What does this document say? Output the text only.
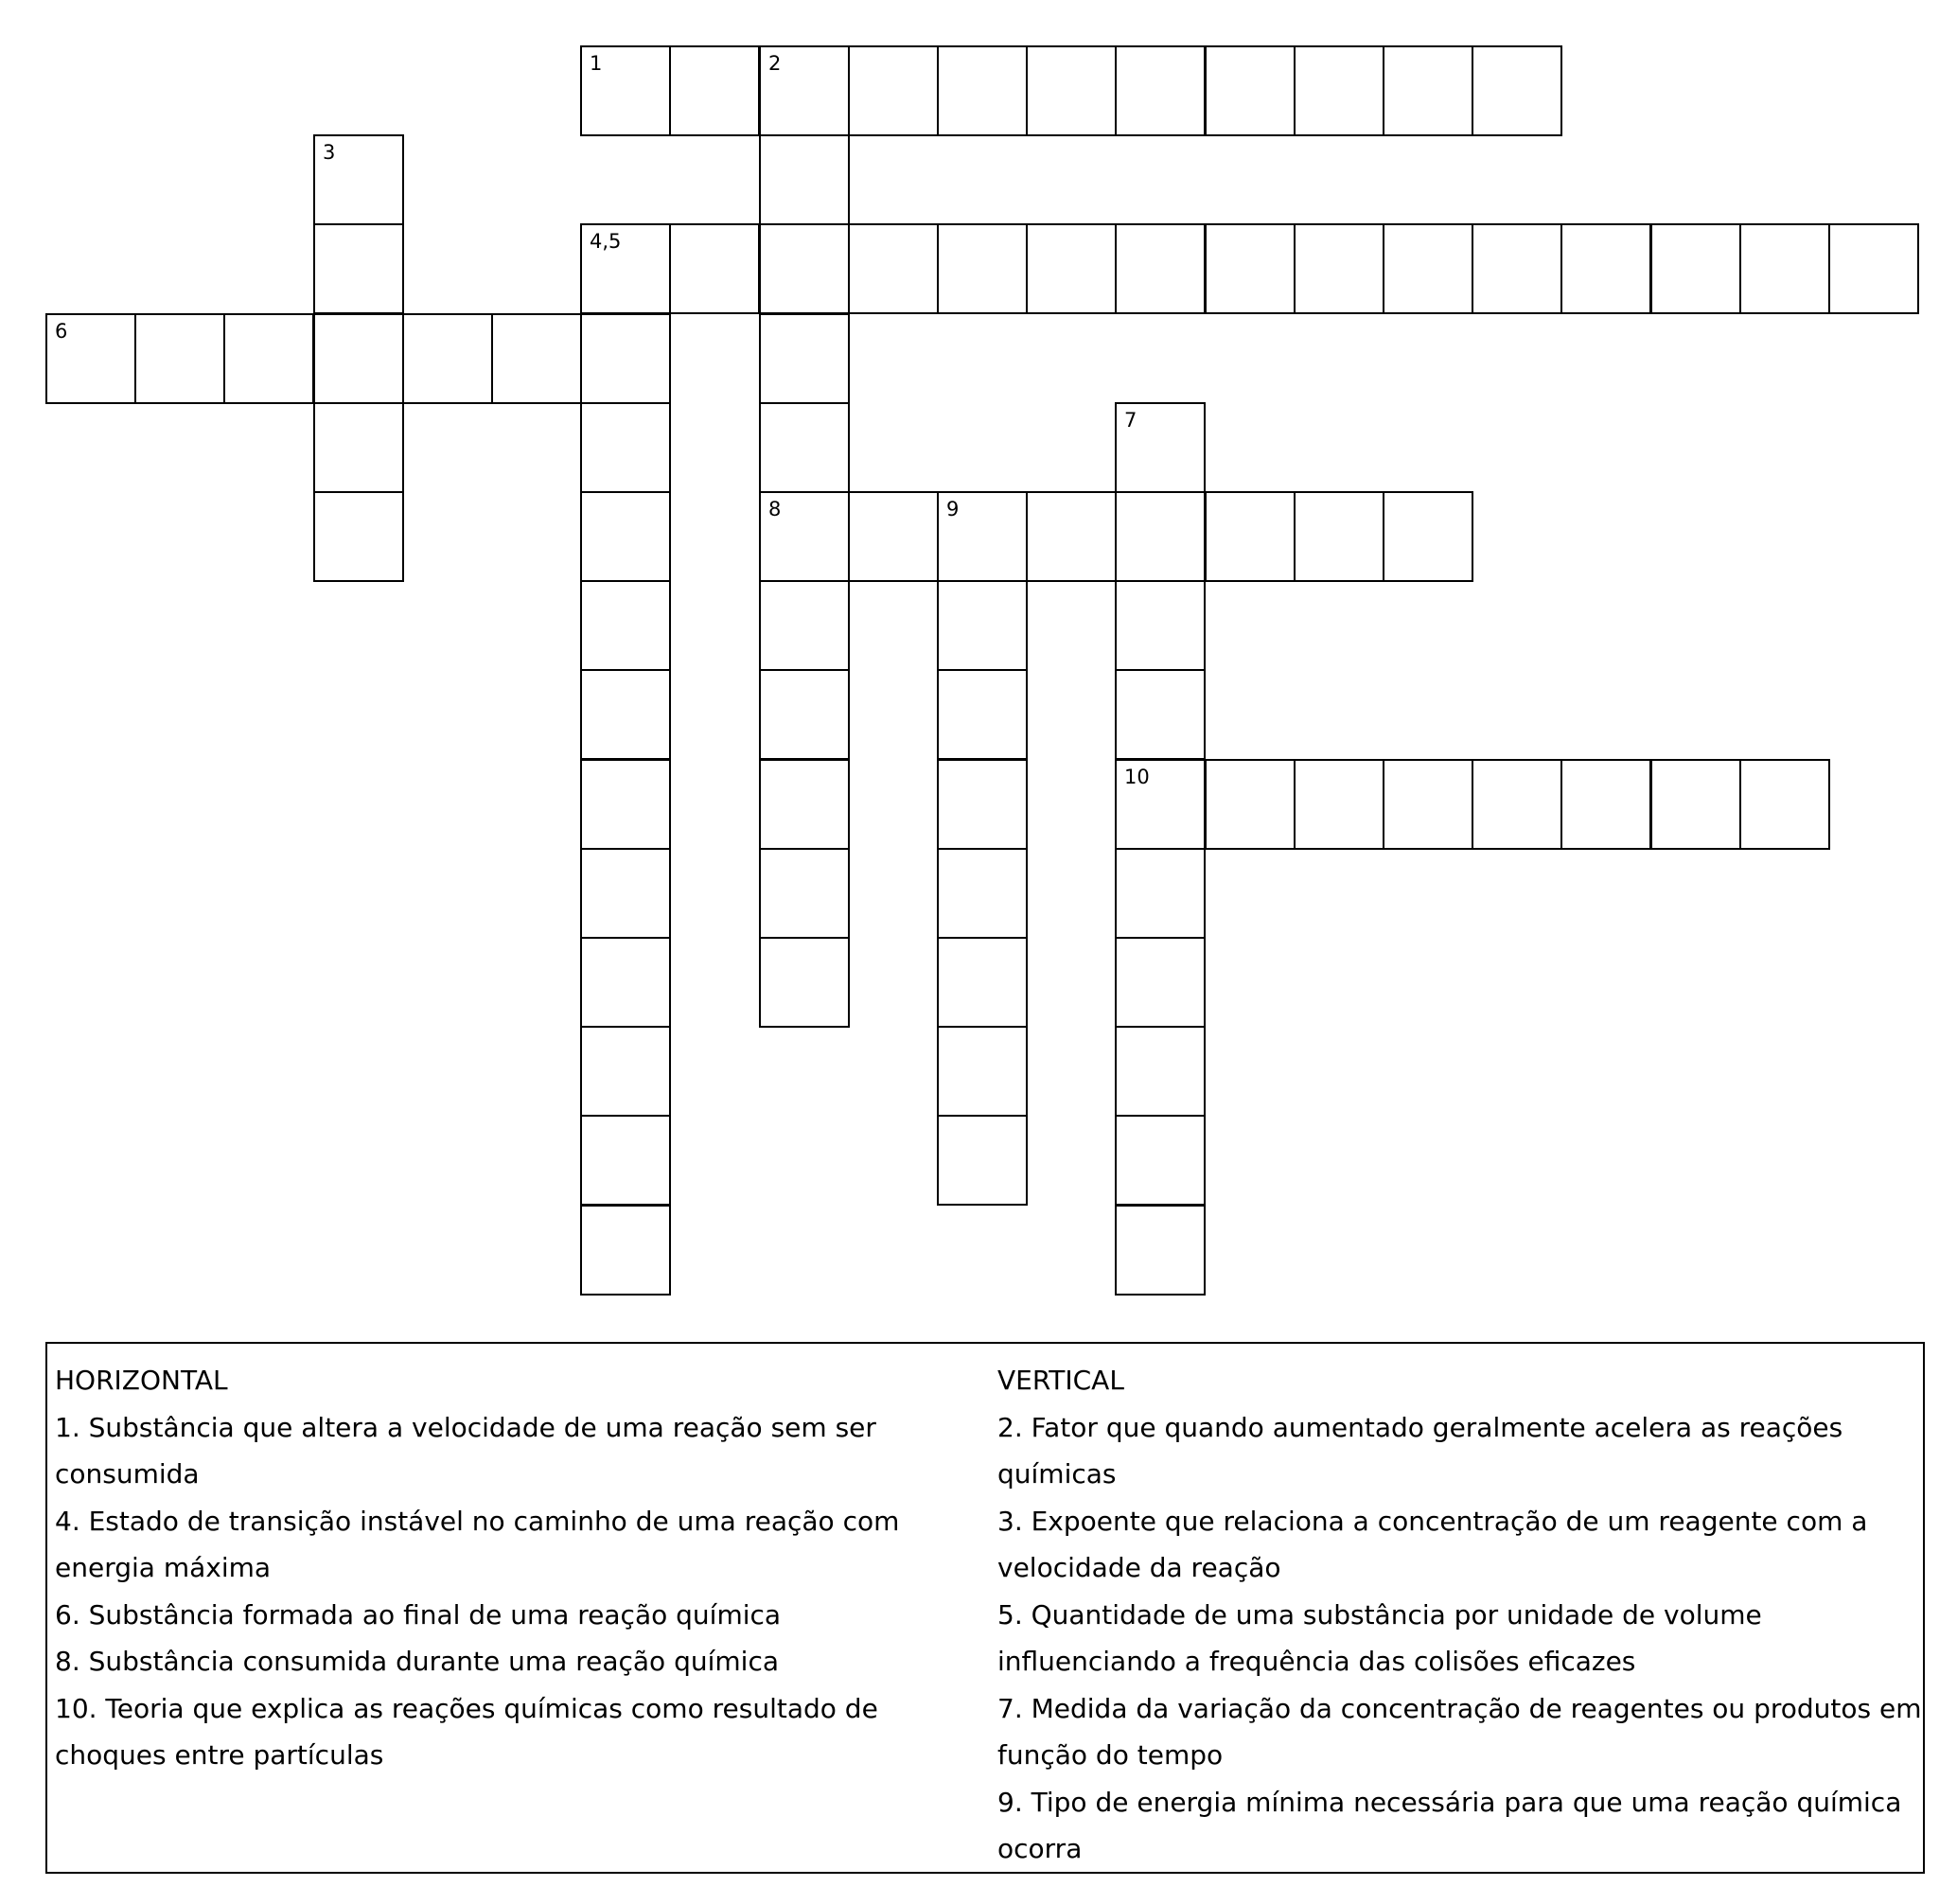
1	2
4,5
6
8	9
10
3
7
HORIZONTAL
1. Substância que altera a velocidade de uma reação sem ser consumida
4. Estado de transição instável no caminho de uma reação com energia máxima
6. Substância formada ao final de uma reação química
8. Substância consumida durante uma reação química
10. Teoria que explica as reações químicas como resultado de choques entre partículas
VERTICAL
2. Fator que quando aumentado geralmente acelera as reações químicas
3. Expoente que relaciona a concentração de um reagente com a velocidade da reação
5. Quantidade de uma substância por unidade de volume influenciando a frequência das colisões eficazes
7. Medida da variação da concentração de reagentes ou produtos em função do tempo
9. Tipo de energia mínima necessária para que uma reação química ocorra
